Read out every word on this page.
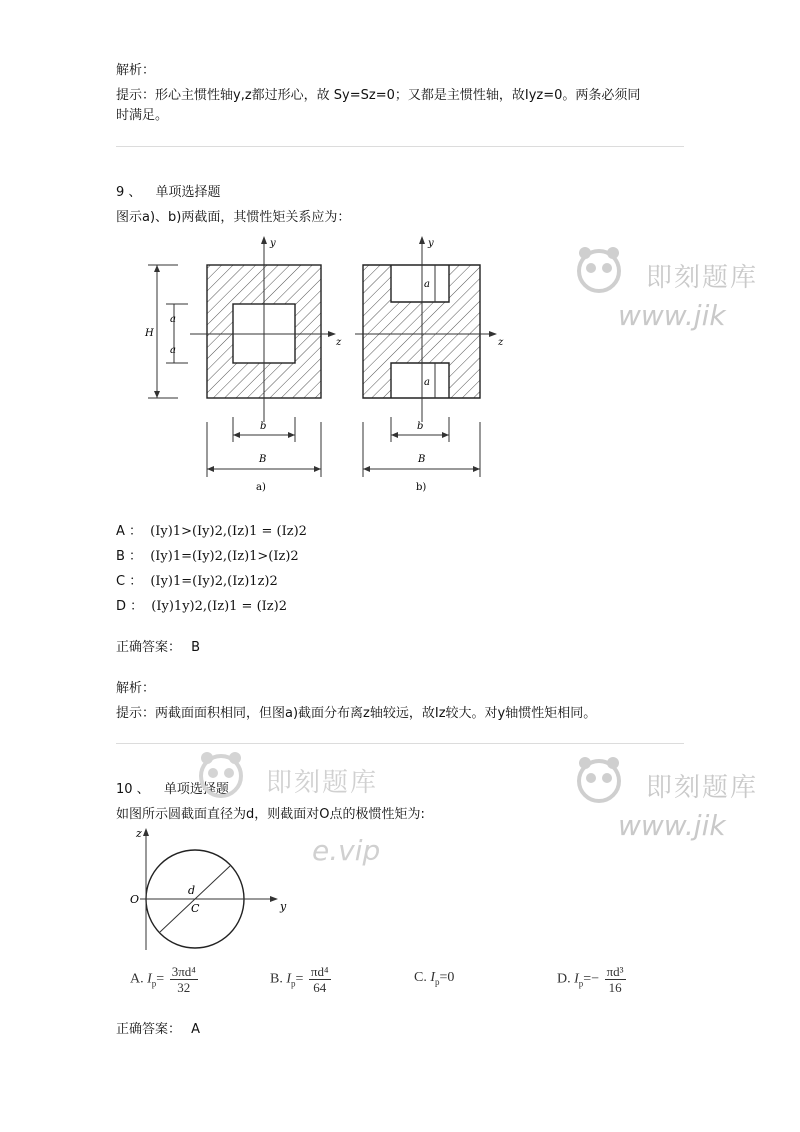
解析：
提示：形心主惯性轴y,z都过形心，故 Sy=Sz=0；又都是主惯性轴，故Iyz=0。两条必须同
时满足。
9 、 单项选择题
图示a)、b)两截面，其惯性矩关系应为：
y
z
H
a
a
b
B
a)
y
z
a
a
b
B
b)
A ： (Iy)1>(Iy)2,(Iz)1 = (Iz)2
B ： (Iy)1=(Iy)2,(Iz)1>(Iz)2
C ： (Iy)1=(Iy)2,(Iz)1z)2
D ： (Iy)1y)2,(Iz)1 = (Iz)2
正确答案： B
解析：
提示：两截面面积相同，但图a)截面分布离z轴较远，故Iz较大。对y轴惯性矩相同。
10 、 单项选择题
如图所示圆截面直径为d，则截面对O点的极惯性矩为:
z
O
d
C	y
A. $I_p= \frac{\text{3πd⁴}}{32}$	B. $I_p= \frac{\text{πd⁴}}{64}$	C. $I_p=0$	D. $I_p=- \frac{\text{πd³}}{16}$
正确答案： A
即刻题库
www.jik
即刻题库
www.jik
即刻题库
e.vip
